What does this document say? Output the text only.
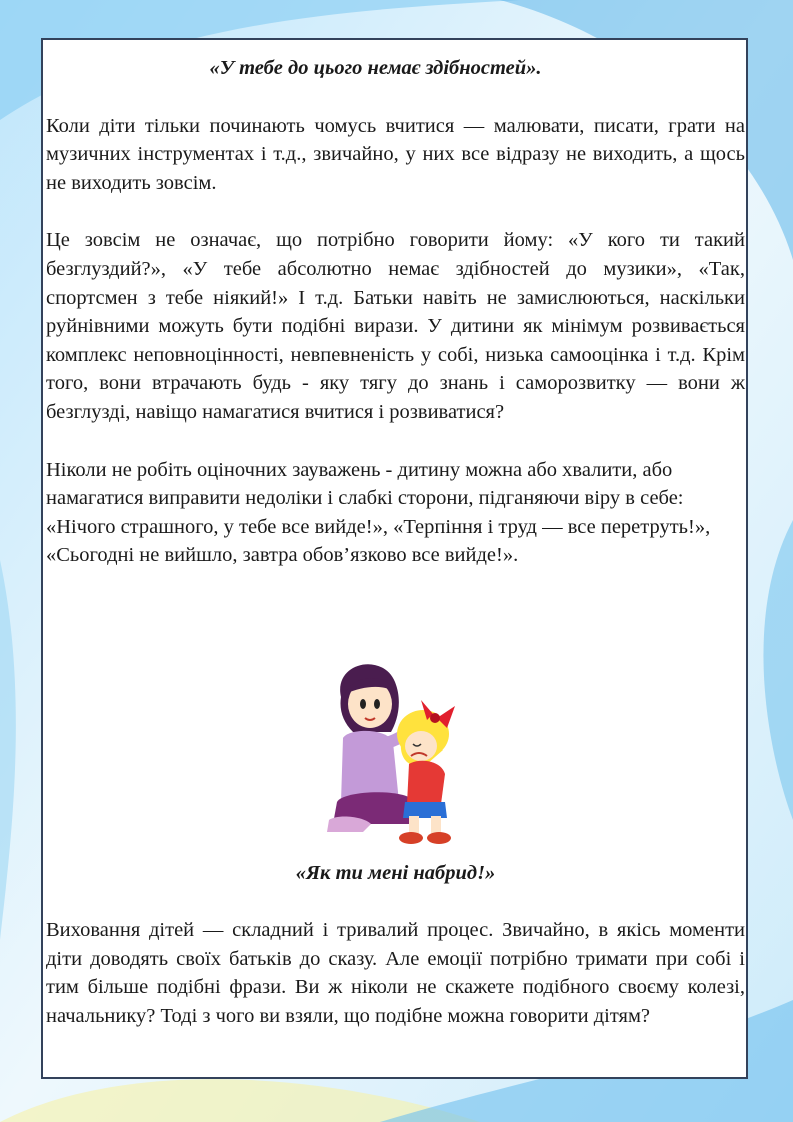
«У тебе до цього немає здібностей».

Коли діти тільки починають чомусь вчитися — малювати, писати, грати на музичних інструментах і т.д., звичайно, у них все відразу не виходить, а щось не виходить зовсім.

Це зовсім не означає, що потрібно говорити йому: «У кого ти такий безглуздий?», «У тебе абсолютно немає здібностей до музики», «Так, спортсмен з тебе ніякий!» І т.д. Батьки навіть не замислюються, наскільки руйнівними можуть бути подібні вирази. У дитини як мінімум розвивається комплекс неповноцінності, невпевненість у собі, низька самооцінка і т.д. Крім того, вони втрачають будь - яку тягу до знань і саморозвитку — вони ж безглузді, навіщо намагатися вчитися і розвиватися?

Ніколи не робіть оціночних зауважень - дитину можна або хвалити, або намагатися виправити недоліки і слабкі сторони, підганяючи віру в себе: «Нічого страшного, у тебе все вийде!», «Терпіння і труд — все перетруть!», «Сьогодні не вийшло, завтра обов’язково все вийде!».

«Як ти мені набрид!»

Виховання дітей — складний і тривалий процес. Звичайно, в якісь моменти діти доводять своїх батьків до сказу. Але емоції потрібно тримати при собі і тим більше подібні фрази. Ви ж ніколи не скажете подібного своєму колезі, начальнику? Тоді з чого ви взяли, що подібне можна говорити дітям?
